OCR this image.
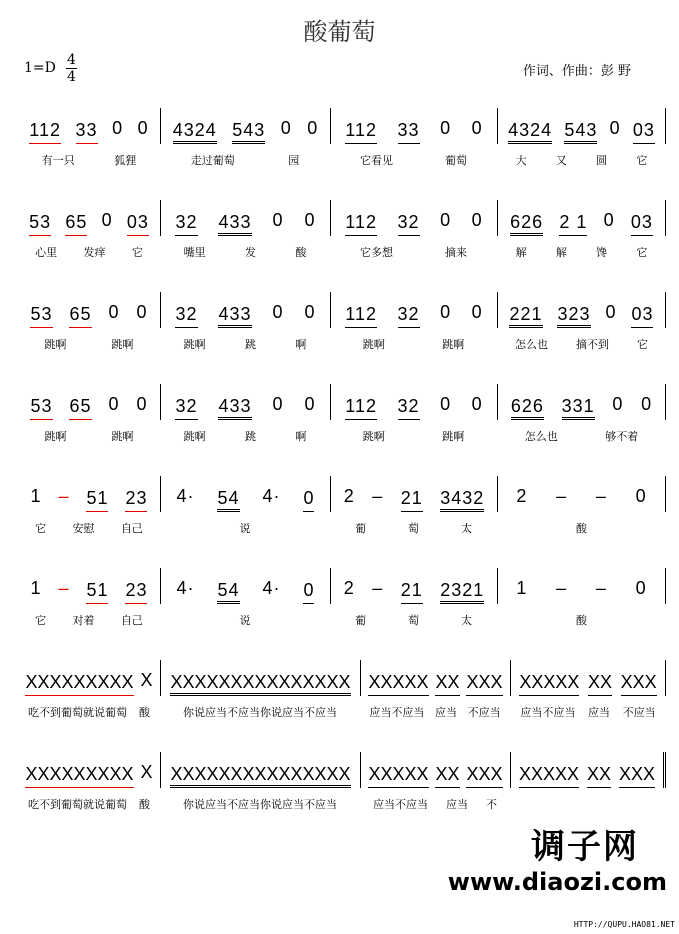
酸葡萄
$1=D \frac{4}{4}$	作词、作曲：彭 野
112 33 0 0 4324 543 0 0 112 33 0 0 4324 543 0 03
有一只	狐狸	走过葡萄	园	它看见	葡萄	大	又	圆	它
53 65 0 03 32 433 0 0 112 32 0 0 626 2 1 0 03
心里 发痒 它	嘴里	发	酸	它多想	摘来	解	解	馋	它
53 65 0 0 32 433 0 0 112 32 0 0 221 323 0 03
跳啊	跳啊	跳啊	跳	啊	跳啊	跳啊	怎么也	摘不到	它
53 65 0 0 32 433 0 0 112 32 0 0 626 331 0 0
跳啊	跳啊	跳啊	跳	啊	跳啊	跳啊	怎么也	够不着
1 – 51 23 4· 54 4· 0 2 – 21 3432 2 – – 0
它 安慰 自己	说	葡	萄	太	酸
1 – 51 23 4· 54 4· 0 2 – 21 2321 1 – – 0
它 对着 自己	说	葡	萄	太	酸
XXXXXXXXX X XXXXXXXXXXXXXXX XXXXX XX XXX XXXXX XX XXX
吃不到葡萄就说葡萄 酸	你说应当不应当你说应当不应当	应当不应当 应当 不应当 应当不应当 应当 不应当
XXXXXXXXX X XXXXXXXXXXXXXXX XXXXX XX XXX XXXXX XX XXX
吃不到葡萄就说葡萄 酸	你说应当不应当你说应当不应当	应当不应当 应当 不
调子网
www.diaozi.com
HTTP://QUPU.HAO81.NET
